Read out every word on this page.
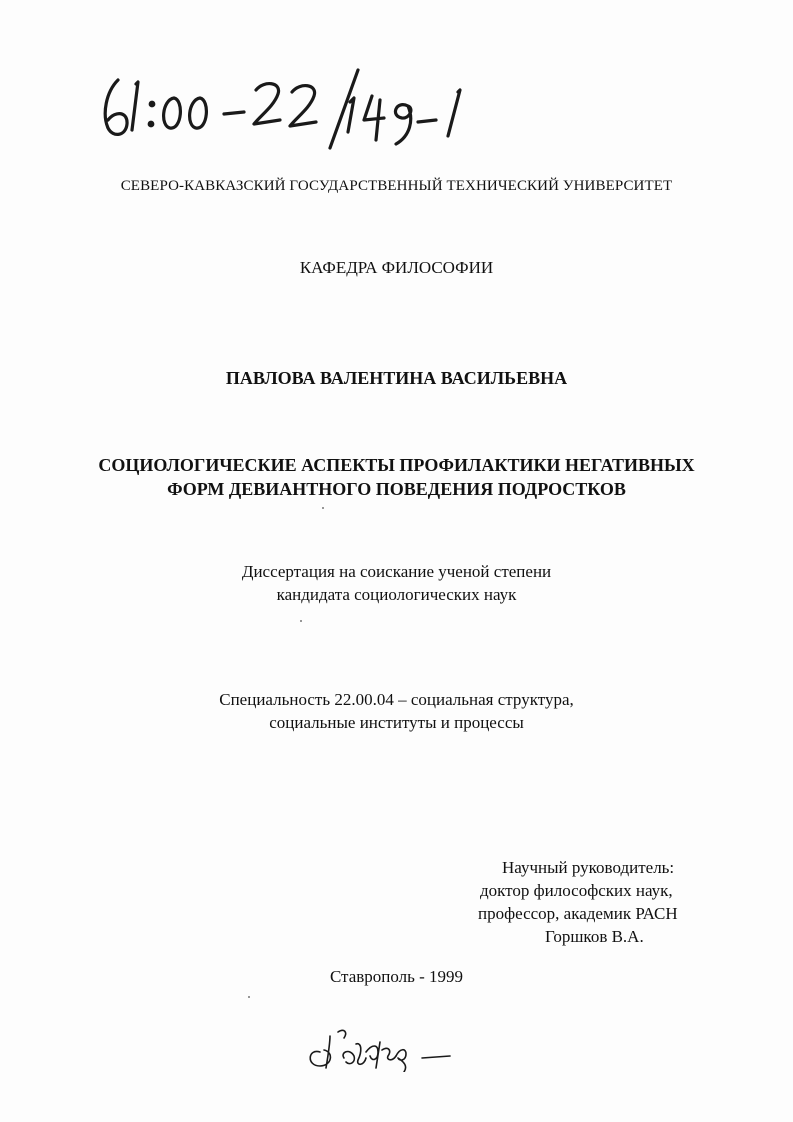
СЕВЕРО-КАВКАЗСКИЙ ГОСУДАРСТВЕННЫЙ ТЕХНИЧЕСКИЙ УНИВЕРСИТЕТ
КАФЕДРА ФИЛОСОФИИ
ПАВЛОВА ВАЛЕНТИНА ВАСИЛЬЕВНА
СОЦИОЛОГИЧЕСКИЕ АСПЕКТЫ ПРОФИЛАКТИКИ НЕГАТИВНЫХ
ФОРМ ДЕВИАНТНОГО ПОВЕДЕНИЯ ПОДРОСТКОВ
Диссертация на соискание ученой степени
кандидата социологических наук
Специальность 22.00.04 – социальная структура,
социальные институты и процессы
Научный руководитель:
доктор философских наук,
профессор, академик РАСН
Горшков В.А.
Ставрополь - 1999
